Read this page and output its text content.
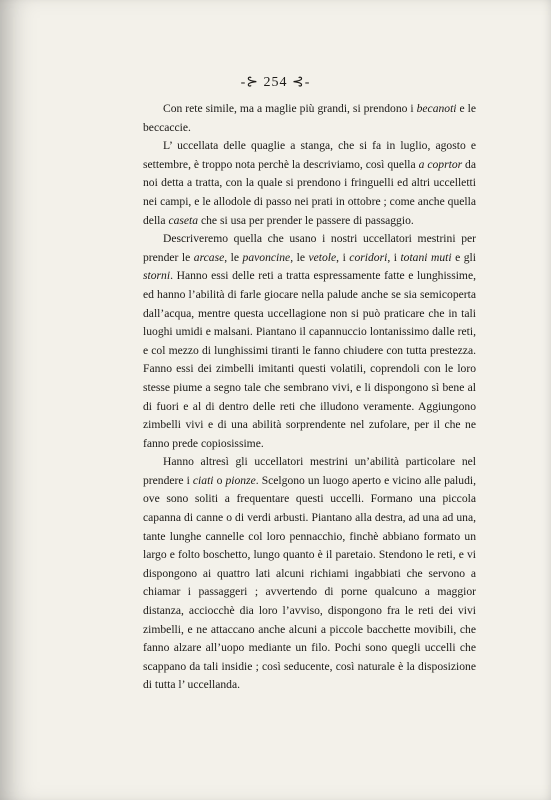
-⊱ 254 ⊰-

Con rete simile, ma a maglie più grandi, si prendono i becanoti e le beccaccie.

L’ uccellata delle quaglie a stanga, che si fa in luglio, agosto e settembre, è troppo nota perchè la descriviamo, così quella a coprtor da noi detta a tratta, con la quale si prendono i fringuelli ed altri uccelletti nei campi, e le allodole di passo nei prati in ottobre ; come anche quella della caseta che si usa per prender le passere di passaggio.

Descriveremo quella che usano i nostri uccellatori mestrini per prender le arcase, le pavoncine, le vetole, i coridori, i totani muti e gli storni. Hanno essi delle reti a tratta espressamente fatte e lunghissime, ed hanno l’abilità di farle giocare nella palude anche se sia semicoperta dall’acqua, mentre questa uccellagione non si può praticare che in tali luoghi umidi e malsani. Piantano il capannuccio lontanissimo dalle reti, e col mezzo di lunghissimi tiranti le fanno chiudere con tutta prestezza. Fanno essi dei zimbelli imitanti questi volatili, coprendoli con le loro stesse piume a segno tale che sembrano vivi, e li dispongono sì bene al di fuori e al di dentro delle reti che illudono veramente. Aggiungono zimbelli vivi e di una abilità sorprendente nel zufolare, per il che ne fanno prede copiosissime.

Hanno altresì gli uccellatori mestrini un’abilità particolare nel prendere i ciati o pionze. Scelgono un luogo aperto e vicino alle paludi, ove sono soliti a frequentare questi uccelli. Formano una piccola capanna di canne o di verdi arbusti. Piantano alla destra, ad una ad una, tante lunghe cannelle col loro pennacchio, finchè abbiano formato un largo e folto boschetto, lungo quanto è il paretaio. Stendono le reti, e vi dispongono ai quattro lati alcuni richiami ingabbiati che servono a chiamar i passaggeri ; avvertendo di porne qualcuno a maggior distanza, acciocchè dia loro l’avviso, dispongono fra le reti dei vivi zimbelli, e ne attaccano anche alcuni a piccole bacchette movibili, che fanno alzare all’uopo mediante un filo. Pochi sono quegli uccelli che scappano da tali insidie ; così seducente, così naturale è la disposizione di tutta l’ uccellanda.
